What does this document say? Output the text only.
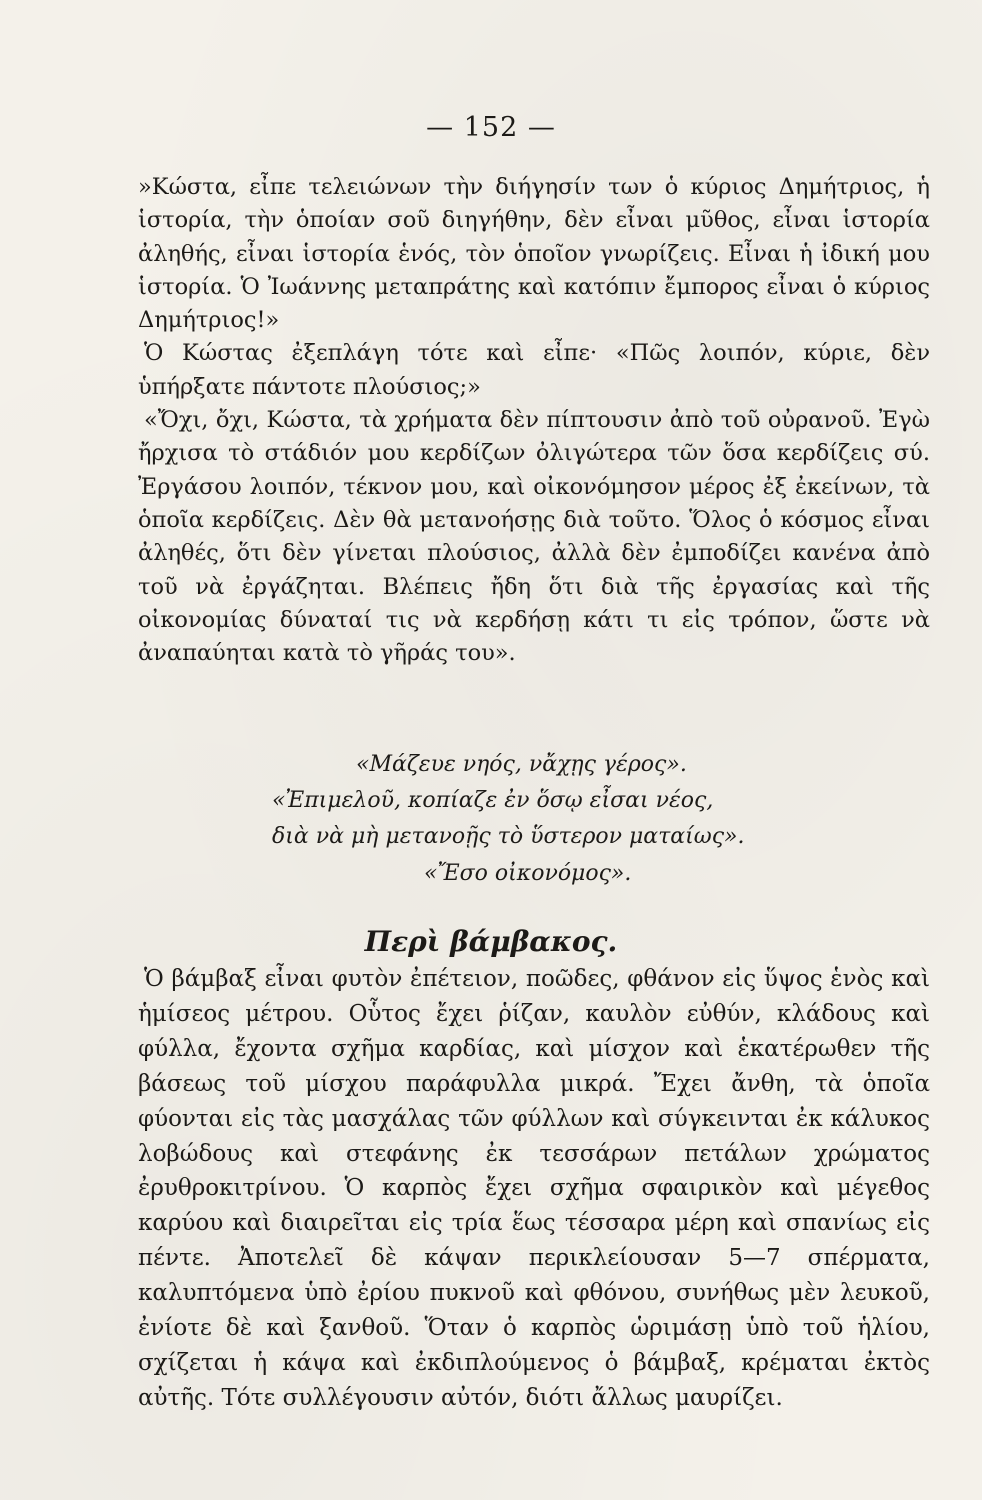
— 152 —

»Κώστα, εἶπε τελειώνων τὴν διήγησίν των ὁ κύριος Δημήτριος, ἡ ἱστορία, τὴν ὁποίαν σοῦ διηγήθην, δὲν εἶναι μῦθος, εἶναι ἱστορία ἀληθής, εἶναι ἱστορία ἑνός, τὸν ὁποῖον γνωρίζεις. Εἶναι ἡ ἰδική μου ἱστορία. Ὁ Ἰωάννης μεταπράτης καὶ κατόπιν ἔμπορος εἶναι ὁ κύριος Δημήτριος!»

Ὁ Κώστας ἐξεπλάγη τότε καὶ εἶπε· «Πῶς λοιπόν, κύριε, δὲν ὑπήρξατε πάντοτε πλούσιος;»

«Ὄχι, ὄχι, Κώστα, τὰ χρήματα δὲν πίπτουσιν ἀπὸ τοῦ οὐρανοῦ. Ἐγὼ ἤρχισα τὸ στάδιόν μου κερδίζων ὀλιγώτερα τῶν ὅσα κερδίζεις σύ. Ἐργάσου λοιπόν, τέκνον μου, καὶ οἰκονόμησον μέρος ἐξ ἐκείνων, τὰ ὁποῖα κερδίζεις. Δὲν θὰ μετανοήσῃς διὰ τοῦτο. Ὅλος ὁ κόσμος εἶναι ἀληθές, ὅτι δὲν γίνεται πλούσιος, ἀλλὰ δὲν ἐμποδίζει κανένα ἀπὸ τοῦ νὰ ἐργάζηται. Βλέπεις ἤδη ὅτι διὰ τῆς ἐργασίας καὶ τῆς οἰκονομίας δύναταί τις νὰ κερδήσῃ κάτι τι εἰς τρόπον, ὥστε νὰ ἀναπαύηται κατὰ τὸ γῆράς του».

«Μάζευε νηός, νἄχῃς γέρος».
«Ἐπιμελοῦ, κοπίαζε ἐν ὅσῳ εἶσαι νέος,
διὰ νὰ μὴ μετανοῇς τὸ ὕστερον ματαίως».
«Ἔσο οἰκονόμος».
Περὶ βάμβακος.

Ὁ βάμβαξ εἶναι φυτὸν ἐπέτειον, ποῶδες, φθάνον εἰς ὕψος ἑνὸς καὶ ἡμίσεος μέτρου. Οὗτος ἔχει ῥίζαν, καυλὸν εὐθύν, κλάδους καὶ φύλλα, ἔχοντα σχῆμα καρδίας, καὶ μίσχον καὶ ἑκατέρωθεν τῆς βάσεως τοῦ μίσχου παράφυλλα μικρά. Ἔχει ἄνθη, τὰ ὁποῖα φύονται εἰς τὰς μασχάλας τῶν φύλλων καὶ σύγκεινται ἐκ κάλυκος λοβώδους καὶ στεφάνης ἐκ τεσσάρων πετάλων χρώματος ἐρυθροκιτρίνου. Ὁ καρπὸς ἔχει σχῆμα σφαιρικὸν καὶ μέγεθος καρύου καὶ διαιρεῖται εἰς τρία ἕως τέσσαρα μέρη καὶ σπανίως εἰς πέντε. Ἀποτελεῖ δὲ κάψαν περικλείουσαν 5—7 σπέρματα, καλυπτόμενα ὑπὸ ἐρίου πυκνοῦ καὶ φθόνου, συνήθως μὲν λευκοῦ, ἐνίοτε δὲ καὶ ξανθοῦ. Ὅταν ὁ καρπὸς ὡριμάσῃ ὑπὸ τοῦ ἡλίου, σχίζεται ἡ κάψα καὶ ἐκδιπλούμενος ὁ βάμβαξ, κρέμαται ἐκτὸς αὐτῆς. Τότε συλλέγουσιν αὐτόν, διότι ἄλλως μαυρίζει.
